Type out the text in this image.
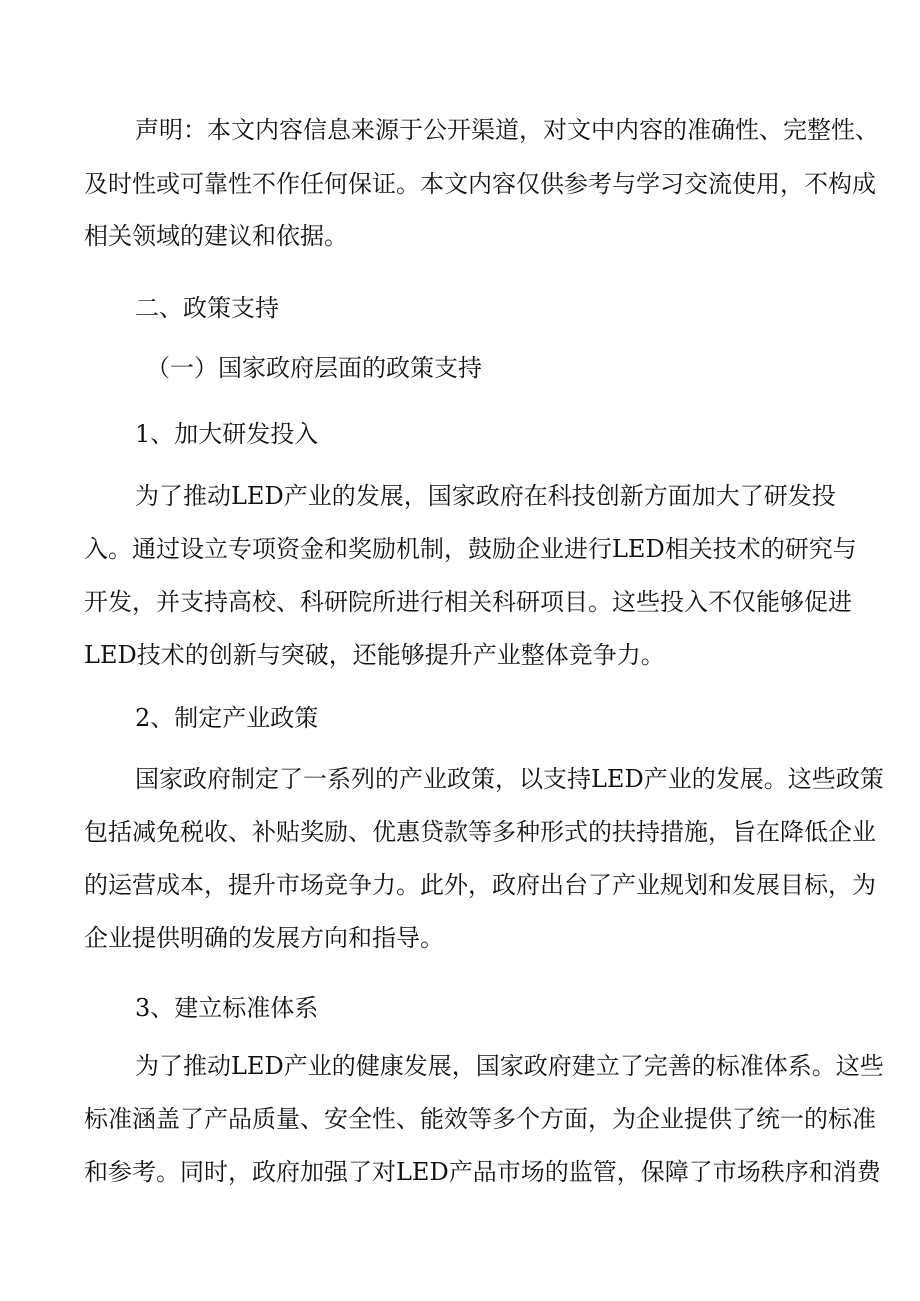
声明：本文内容信息来源于公开渠道，对文中内容的准确性、完整性、
及时性或可靠性不作任何保证。本文内容仅供参考与学习交流使用，不构成
相关领域的建议和依据。
二、政策支持
（一）国家政府层面的政策支持
1、加大研发投入
为了推动LED产业的发展，国家政府在科技创新方面加大了研发投
入。通过设立专项资金和奖励机制，鼓励企业进行LED相关技术的研究与
开发，并支持高校、科研院所进行相关科研项目。这些投入不仅能够促进
LED技术的创新与突破，还能够提升产业整体竞争力。
2、制定产业政策
国家政府制定了一系列的产业政策，以支持LED产业的发展。这些政策
包括减免税收、补贴奖励、优惠贷款等多种形式的扶持措施，旨在降低企业
的运营成本，提升市场竞争力。此外，政府出台了产业规划和发展目标，为
企业提供明确的发展方向和指导。
3、建立标准体系
为了推动LED产业的健康发展，国家政府建立了完善的标准体系。这些
标准涵盖了产品质量、安全性、能效等多个方面，为企业提供了统一的标准
和参考。同时，政府加强了对LED产品市场的监管，保障了市场秩序和消费
